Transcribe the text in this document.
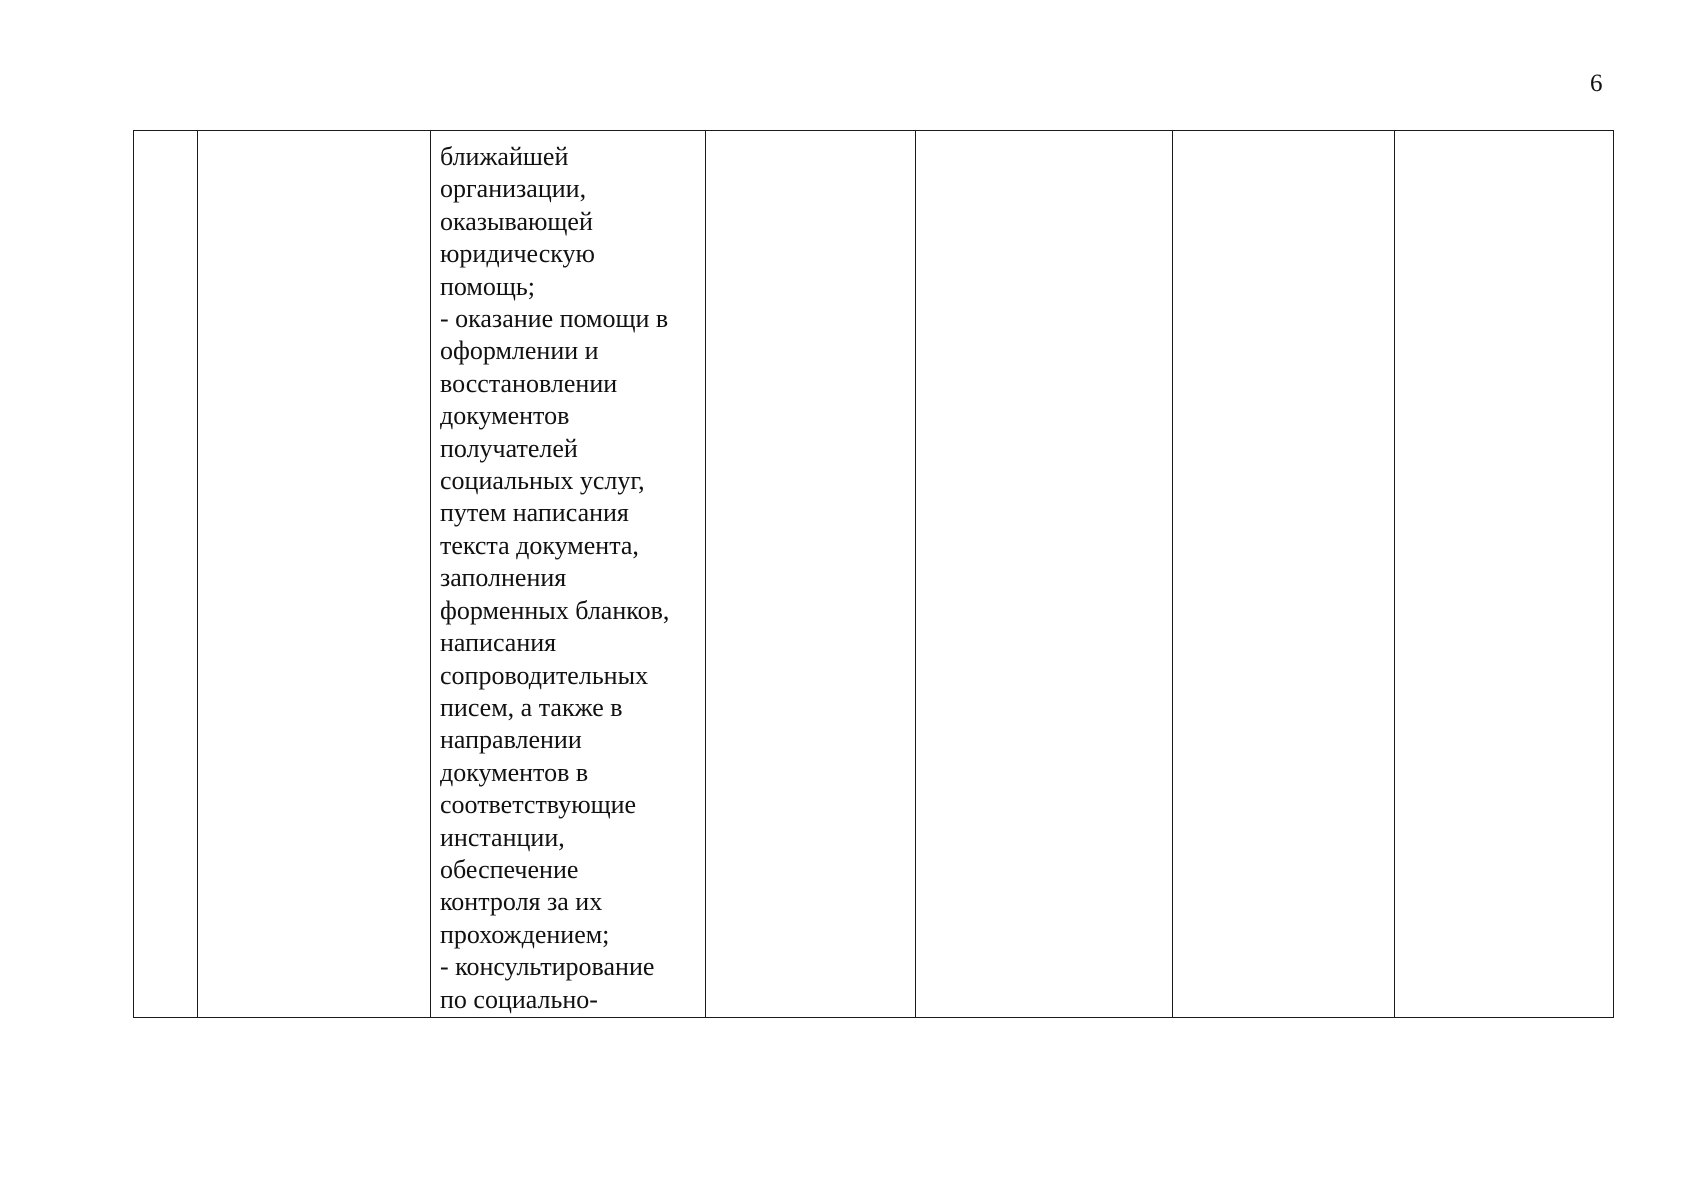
6

ближайшей
организации,
оказывающей
юридическую
помощь;
- оказание помощи в
оформлении и
восстановлении
документов
получателей
социальных услуг,
путем написания
текста документа,
заполнения
форменных бланков,
написания
сопроводительных
писем, а также в
направлении
документов в
соответствующие
инстанции,
обеспечение
контроля за их
прохождением;
- консультирование
по социально-
